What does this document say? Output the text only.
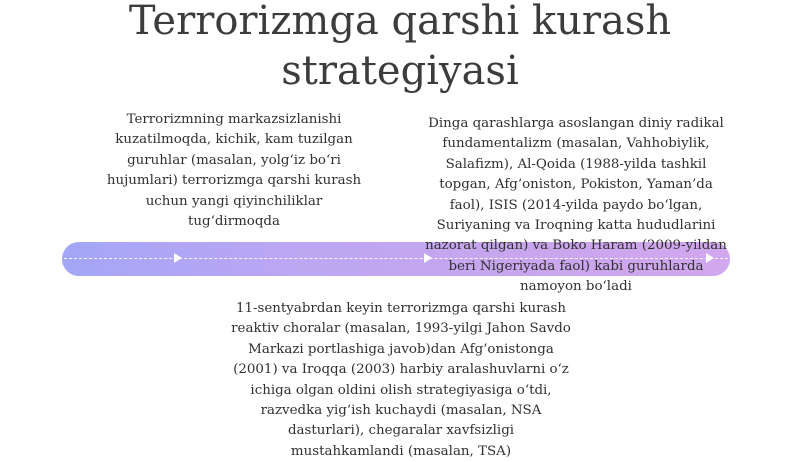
Terrorizmga qarshi kurash
strategiyasi
Terrorizmning markazsizlanishi
kuzatilmoqda, kichik, kam tuzilgan
guruhlar (masalan, yolg‘iz bo‘ri
hujumlari) terrorizmga qarshi kurash
uchun yangi qiyinchiliklar
tug‘dirmoqda
Dinga qarashlarga asoslangan diniy radikal
fundamentalizm (masalan, Vahhobiylik,
Salafizm), Al-Qoida (1988-yilda tashkil
topgan, Afg‘oniston, Pokiston, Yaman’da
faol), ISIS (2014-yilda paydo bo‘lgan,
Suriyaning va Iroqning katta hududlarini
nazorat qilgan) va Boko Haram (2009-yildan
beri Nigeriyada faol) kabi guruhlarda
namoyon bo‘ladi
11-sentyabrdan keyin terrorizmga qarshi kurash
reaktiv choralar (masalan, 1993-yilgi Jahon Savdo
Markazi portlashiga javob)dan Afg‘onistonga
(2001) va Iroqqa (2003) harbiy aralashuvlarni o‘z
ichiga olgan oldini olish strategiyasiga o‘tdi,
razvedka yig‘ish kuchaydi (masalan, NSA
dasturlari), chegaralar xavfsizligi
mustahkamlandi (masalan, TSA)
